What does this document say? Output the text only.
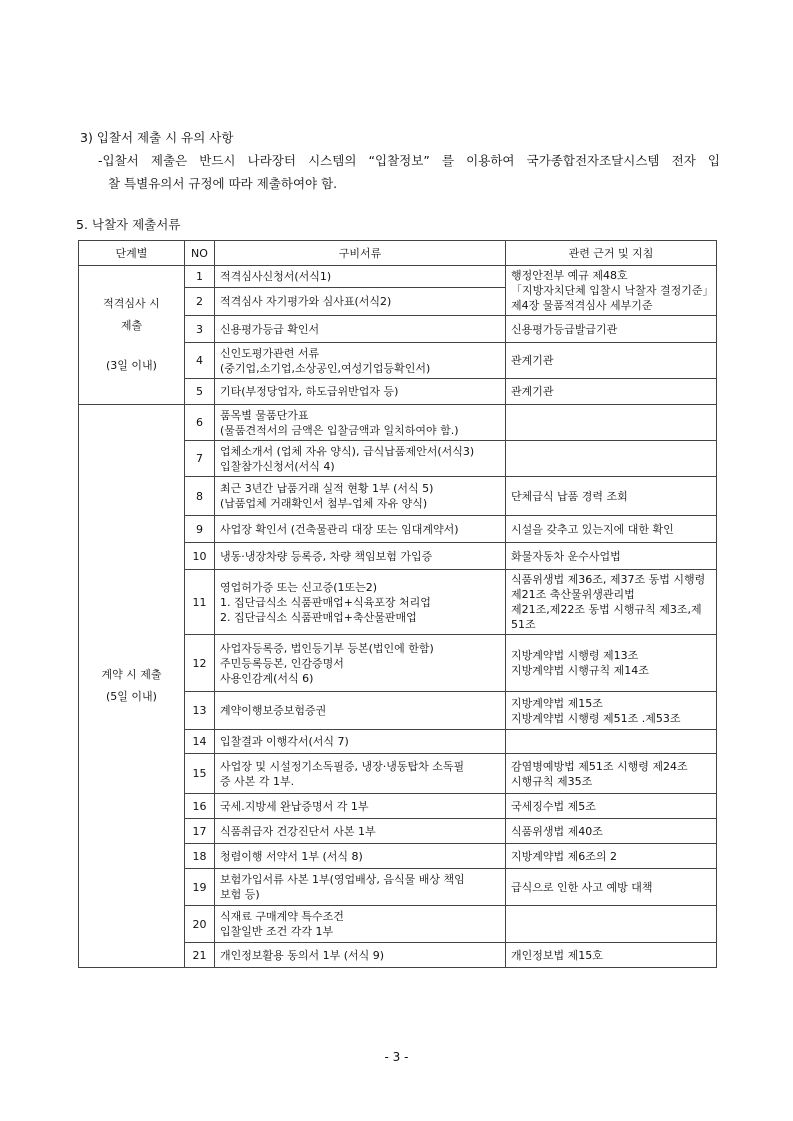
3) 입찰서 제출 시 유의 사항

-입찰서 제출은 반드시 나라장터 시스템의 “입찰정보” 를 이용하여 국가종합전자조달시스템 전자 입

찰 특별유의서 규정에 따라 제출하여야 함.

5. 낙찰자 제출서류

단계별	NO	구비서류	관련 근거 및 지침

적격심사 시
제출
(3일 이내)	1	적격심사신청서(서식1)	행정안전부 예규 제48호
「지방자치단체 입찰시 낙찰자 결정기준」
제4장 물품적격심사 세부기준

	2	적격심사 자기평가와 심사표(서식2)	

	3	신용평가등급 확인서	신용평가등급발급기관

	4	신인도평가관련 서류
(중기업,소기업,소상공인,여성기업등확인서)	관계기관

	5	기타(부정당업자, 하도급위반업자 등)	관계기관

계약 시 제출
(5일 이내)	6	품목별 물품단가표
(물품견적서의 금액은 입찰금액과 일치하여야 함.)	

	7	업체소개서 (업체 자유 양식), 급식납품제안서(서식3)
입찰참가신청서(서식 4)	

	8	최근 3년간 납품거래 실적 현황 1부 (서식 5)
(납품업체 거래확인서 첨부-업체 자유 양식)	단체급식 납품 경력 조회

	9	사업장 확인서 (건축물관리 대장 또는 임대계약서)	시설을 갖추고 있는지에 대한 확인

	10	냉동·냉장차량 등록증, 차량 책임보험 가입증	화물자동차 운수사업법

	11	영업허가증 또는 신고증(1또는2)
1. 집단급식소 식품판매업+식육포장 처리업
2. 집단급식소 식품판매업+축산물판매업	식품위생법 제36조, 제37조 동법 시행령
제21조 축산물위생관리법
제21조,제22조 동법 시행규칙 제3조,제51조

	12	사업자등록증, 법인등기부 등본(법인에 한함)
주민등록등본, 인감증명서
사용인감계(서식 6)	지방계약법 시행령 제13조
지방계약법 시행규칙 제14조

	13	계약이행보증보험증권	지방계약법 제15조
지방계약법 시행령 제51조 .제53조

	14	입찰결과 이행각서(서식 7)	

	15	사업장 및 시설정기소독필증, 냉장·냉동탑차 소독필
증 사본 각 1부.	감염병예방법 제51조 시행령 제24조
시행규칙 제35조

	16	국세.지방세 완납증명서 각 1부	국세징수법 제5조

	17	식품취급자 건강진단서 사본 1부	식품위생법 제40조

	18	청렴이행 서약서 1부 (서식 8)	지방계약법 제6조의 2

	19	보험가입서류 사본 1부(영업배상, 음식물 배상 책임
보험 등)	급식으로 인한 사고 예방 대책

	20	식재료 구매계약 특수조건
입찰일반 조건 각각 1부	

	21	개인정보활용 동의서 1부 (서식 9)	개인정보법 제15호
- 3 -
